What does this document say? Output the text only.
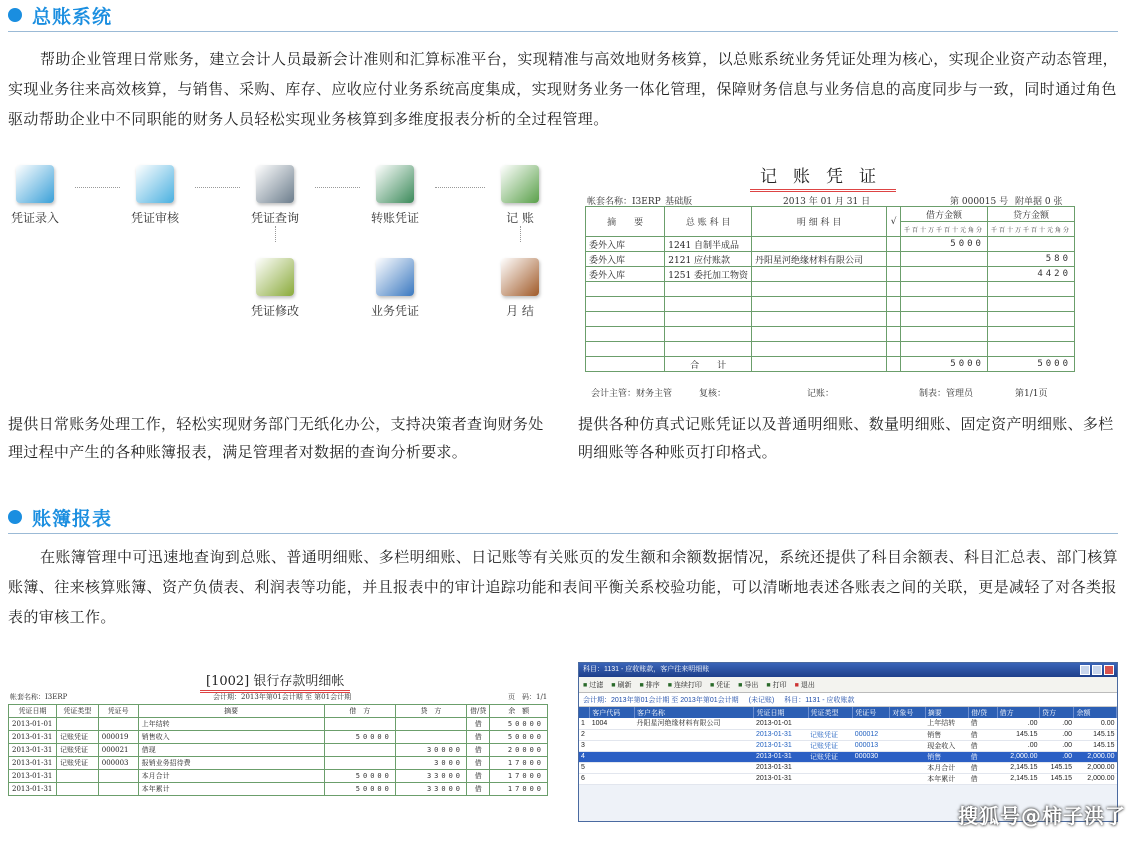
总账系统
帮助企业管理日常账务，建立会计人员最新会计准则和汇算标准平台，实现精准与高效地财务核算，以总账系统业务凭证处理为核心，实现企业资产动态管理，实现业务往来高效核算，与销售、采购、库存、应收应付业务系统高度集成，实现财务业务一体化管理，保障财务信息与业务信息的高度同步与一致，同时通过角色驱动帮助企业中不同职能的财务人员轻松实现业务核算到多维度报表分析的全过程管理。
凭证录入	凭证审核	凭证查询	转账凭证	记 账
凭证修改	业务凭证	月 结
记账凭证
帐套名称：I3ERP_基础版	2013 年 01 月 31 日	第 000015 号 附单据 0 张
摘　　要	总 账 科 目	明 细 科 目	√	借方金额	贷方金额
				千百十万千百十元角分	千百十万千百十元角分
委外入库	1241 自制半成品			5000	
委外入库	2121 应付账款	丹阳星河绝缘材料有限公司			580
委外入库	1251 委托加工物资				4420

	合　　计			5000	5000
会计主管：财务主管	复核：	记账：	制表：管理员	第1/1页
提供日常账务处理工作，轻松实现财务部门无纸化办公，支持决策者查询财务处理过程中产生的各种账簿报表，满足管理者对数据的查询分析要求。
提供各种仿真式记账凭证以及普通明细账、数量明细账、固定资产明细账、多栏明细账等各种账页打印格式。
账簿报表
在账簿管理中可迅速地查询到总账、普通明细账、多栏明细账、日记账等有关账页的发生额和余额数据情况，系统还提供了科目余额表、科目汇总表、部门核算账簿、往来核算账簿、资产负债表、利润表等功能，并且报表中的审计追踪功能和表间平衡关系校验功能，可以清晰地表述各账表之间的关联，更是减轻了对各类报表的审核工作。
[1002] 银行存款明细帐
帐套名称：I3ERP	会计期：2013年第01会计期 至 第01会计期	页　码：1/1
凭证日期	凭证类型	凭证号	摘要	借　方	贷　方	借/贷	余　额
2013-01-01			上年结转			借	50000
2013-01-31	记账凭证	000019	销售收入	50000		借	50000
2013-01-31	记账凭证	000021	借现		30000	借	20000
2013-01-31	记账凭证	000003	报销业务招待费		3000	借	17000
2013-01-31			本月合计	50000	33000	借	17000
2013-01-31			本年累计	50000	33000	借	17000
科目：1131 - 应收账款，客户往来明细账
■ 过滤 ■ 刷新 ■ 排序 ■ 连续打印 ■ 凭证 ■ 导出 ■ 打印 ■ 退出
会计期：2013年第01会计期 至 2013年第01会计期 (未记账) 科目：1131 - 应收账款
	客户代码	客户名称	凭证日期	凭证类型	凭证号	对象号	摘要	借/贷	借方	贷方	余额
1	1004	丹阳星河绝缘材料有限公司	2013-01-01				上年结转	借	.00	.00	0.00
2			2013-01-31	记账凭证	000012		销售	借	145.15	.00	145.15
3			2013-01-31	记账凭证	000013		现金收入	借	.00	.00	145.15
4			2013-01-31	记账凭证	000030		销售	借	2,000.00	.00	2,000.00
5			2013-01-31				本月合计	借	2,145.15	145.15	2,000.00
6			2013-01-31				本年累计	借	2,145.15	145.15	2,000.00
搜狐号@柿子洪了
